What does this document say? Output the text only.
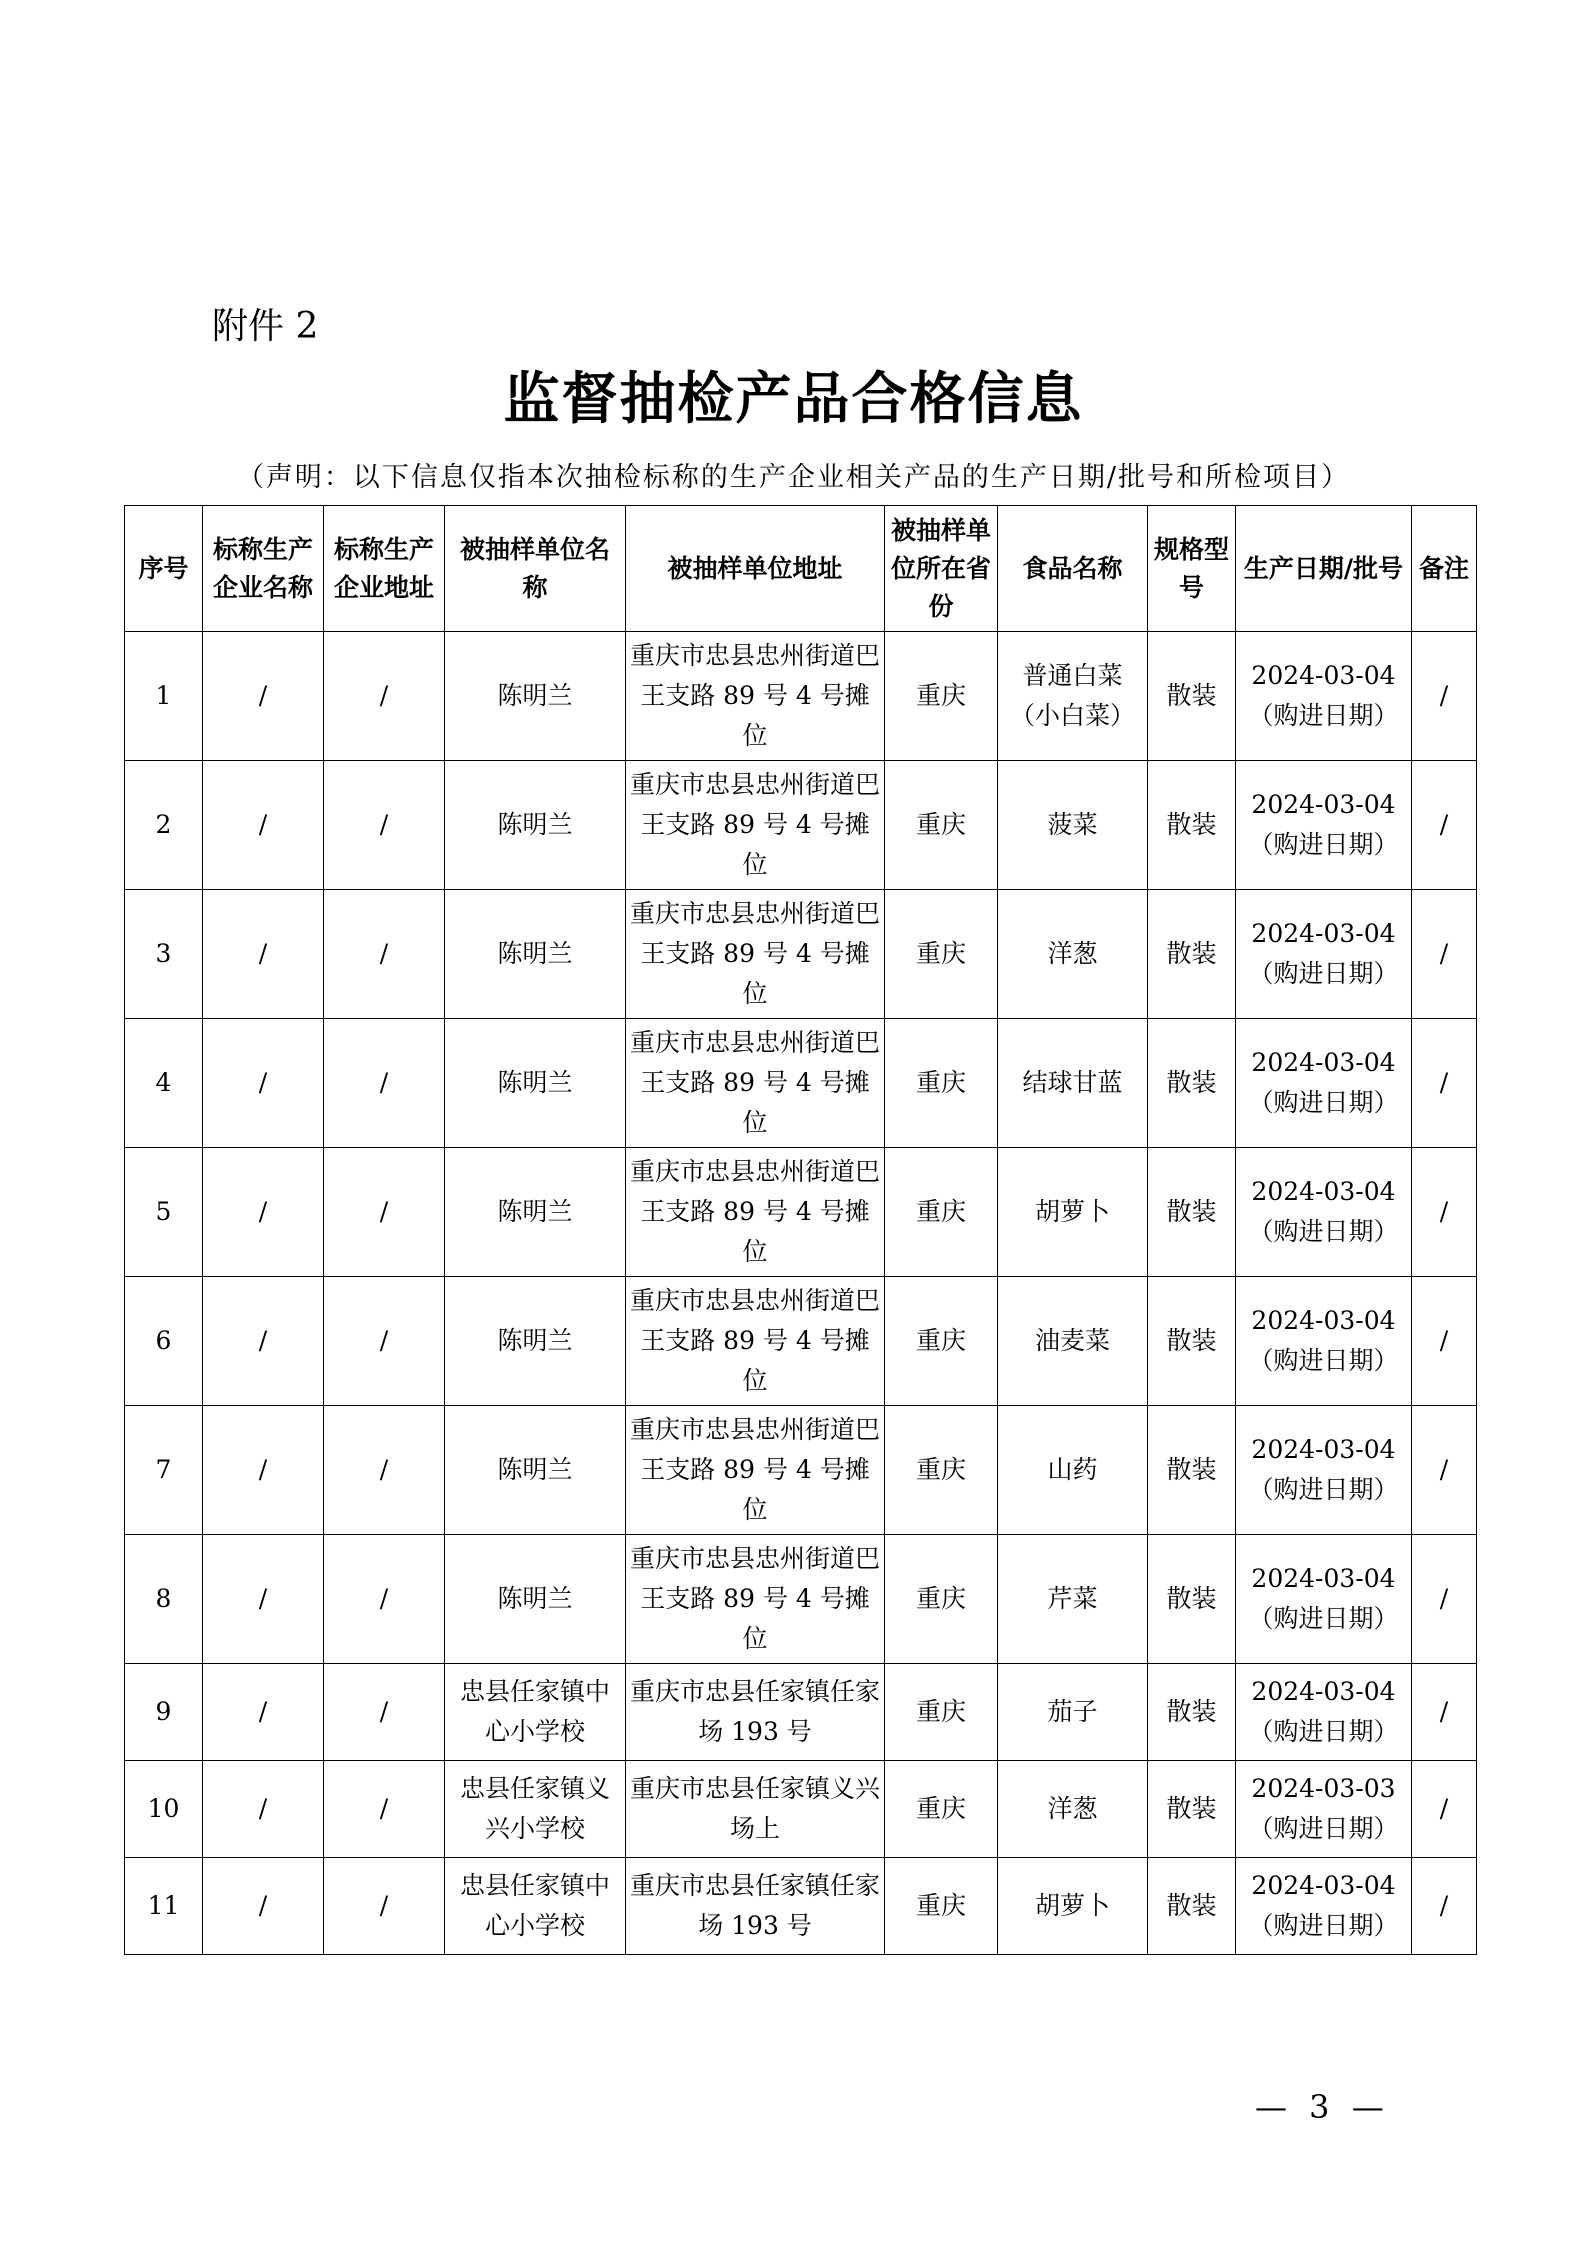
附件 2
监督抽检产品合格信息
（声明：以下信息仅指本次抽检标称的生产企业相关产品的生产日期/批号和所检项目）
序号	标称生产企业名称	标称生产企业地址	被抽样单位名称	被抽样单位地址	被抽样单位所在省份	食品名称	规格型号	生产日期/批号	备注
1	/	/	陈明兰	重庆市忠县忠州街道巴王支路 89 号 4 号摊位	重庆	普通白菜（小白菜）	散装	2024-03-04（购进日期）	/
2	/	/	陈明兰	重庆市忠县忠州街道巴王支路 89 号 4 号摊位	重庆	菠菜	散装	2024-03-04（购进日期）	/
3	/	/	陈明兰	重庆市忠县忠州街道巴王支路 89 号 4 号摊位	重庆	洋葱	散装	2024-03-04（购进日期）	/
4	/	/	陈明兰	重庆市忠县忠州街道巴王支路 89 号 4 号摊位	重庆	结球甘蓝	散装	2024-03-04（购进日期）	/
5	/	/	陈明兰	重庆市忠县忠州街道巴王支路 89 号 4 号摊位	重庆	胡萝卜	散装	2024-03-04（购进日期）	/
6	/	/	陈明兰	重庆市忠县忠州街道巴王支路 89 号 4 号摊位	重庆	油麦菜	散装	2024-03-04（购进日期）	/
7	/	/	陈明兰	重庆市忠县忠州街道巴王支路 89 号 4 号摊位	重庆	山药	散装	2024-03-04（购进日期）	/
8	/	/	陈明兰	重庆市忠县忠州街道巴王支路 89 号 4 号摊位	重庆	芹菜	散装	2024-03-04（购进日期）	/
9	/	/	忠县任家镇中心小学校	重庆市忠县任家镇任家场 193 号	重庆	茄子	散装	2024-03-04（购进日期）	/
10	/	/	忠县任家镇义兴小学校	重庆市忠县任家镇义兴场上	重庆	洋葱	散装	2024-03-03（购进日期）	/
11	/	/	忠县任家镇中心小学校	重庆市忠县任家镇任家场 193 号	重庆	胡萝卜	散装	2024-03-04（购进日期）	/
— 3 —
